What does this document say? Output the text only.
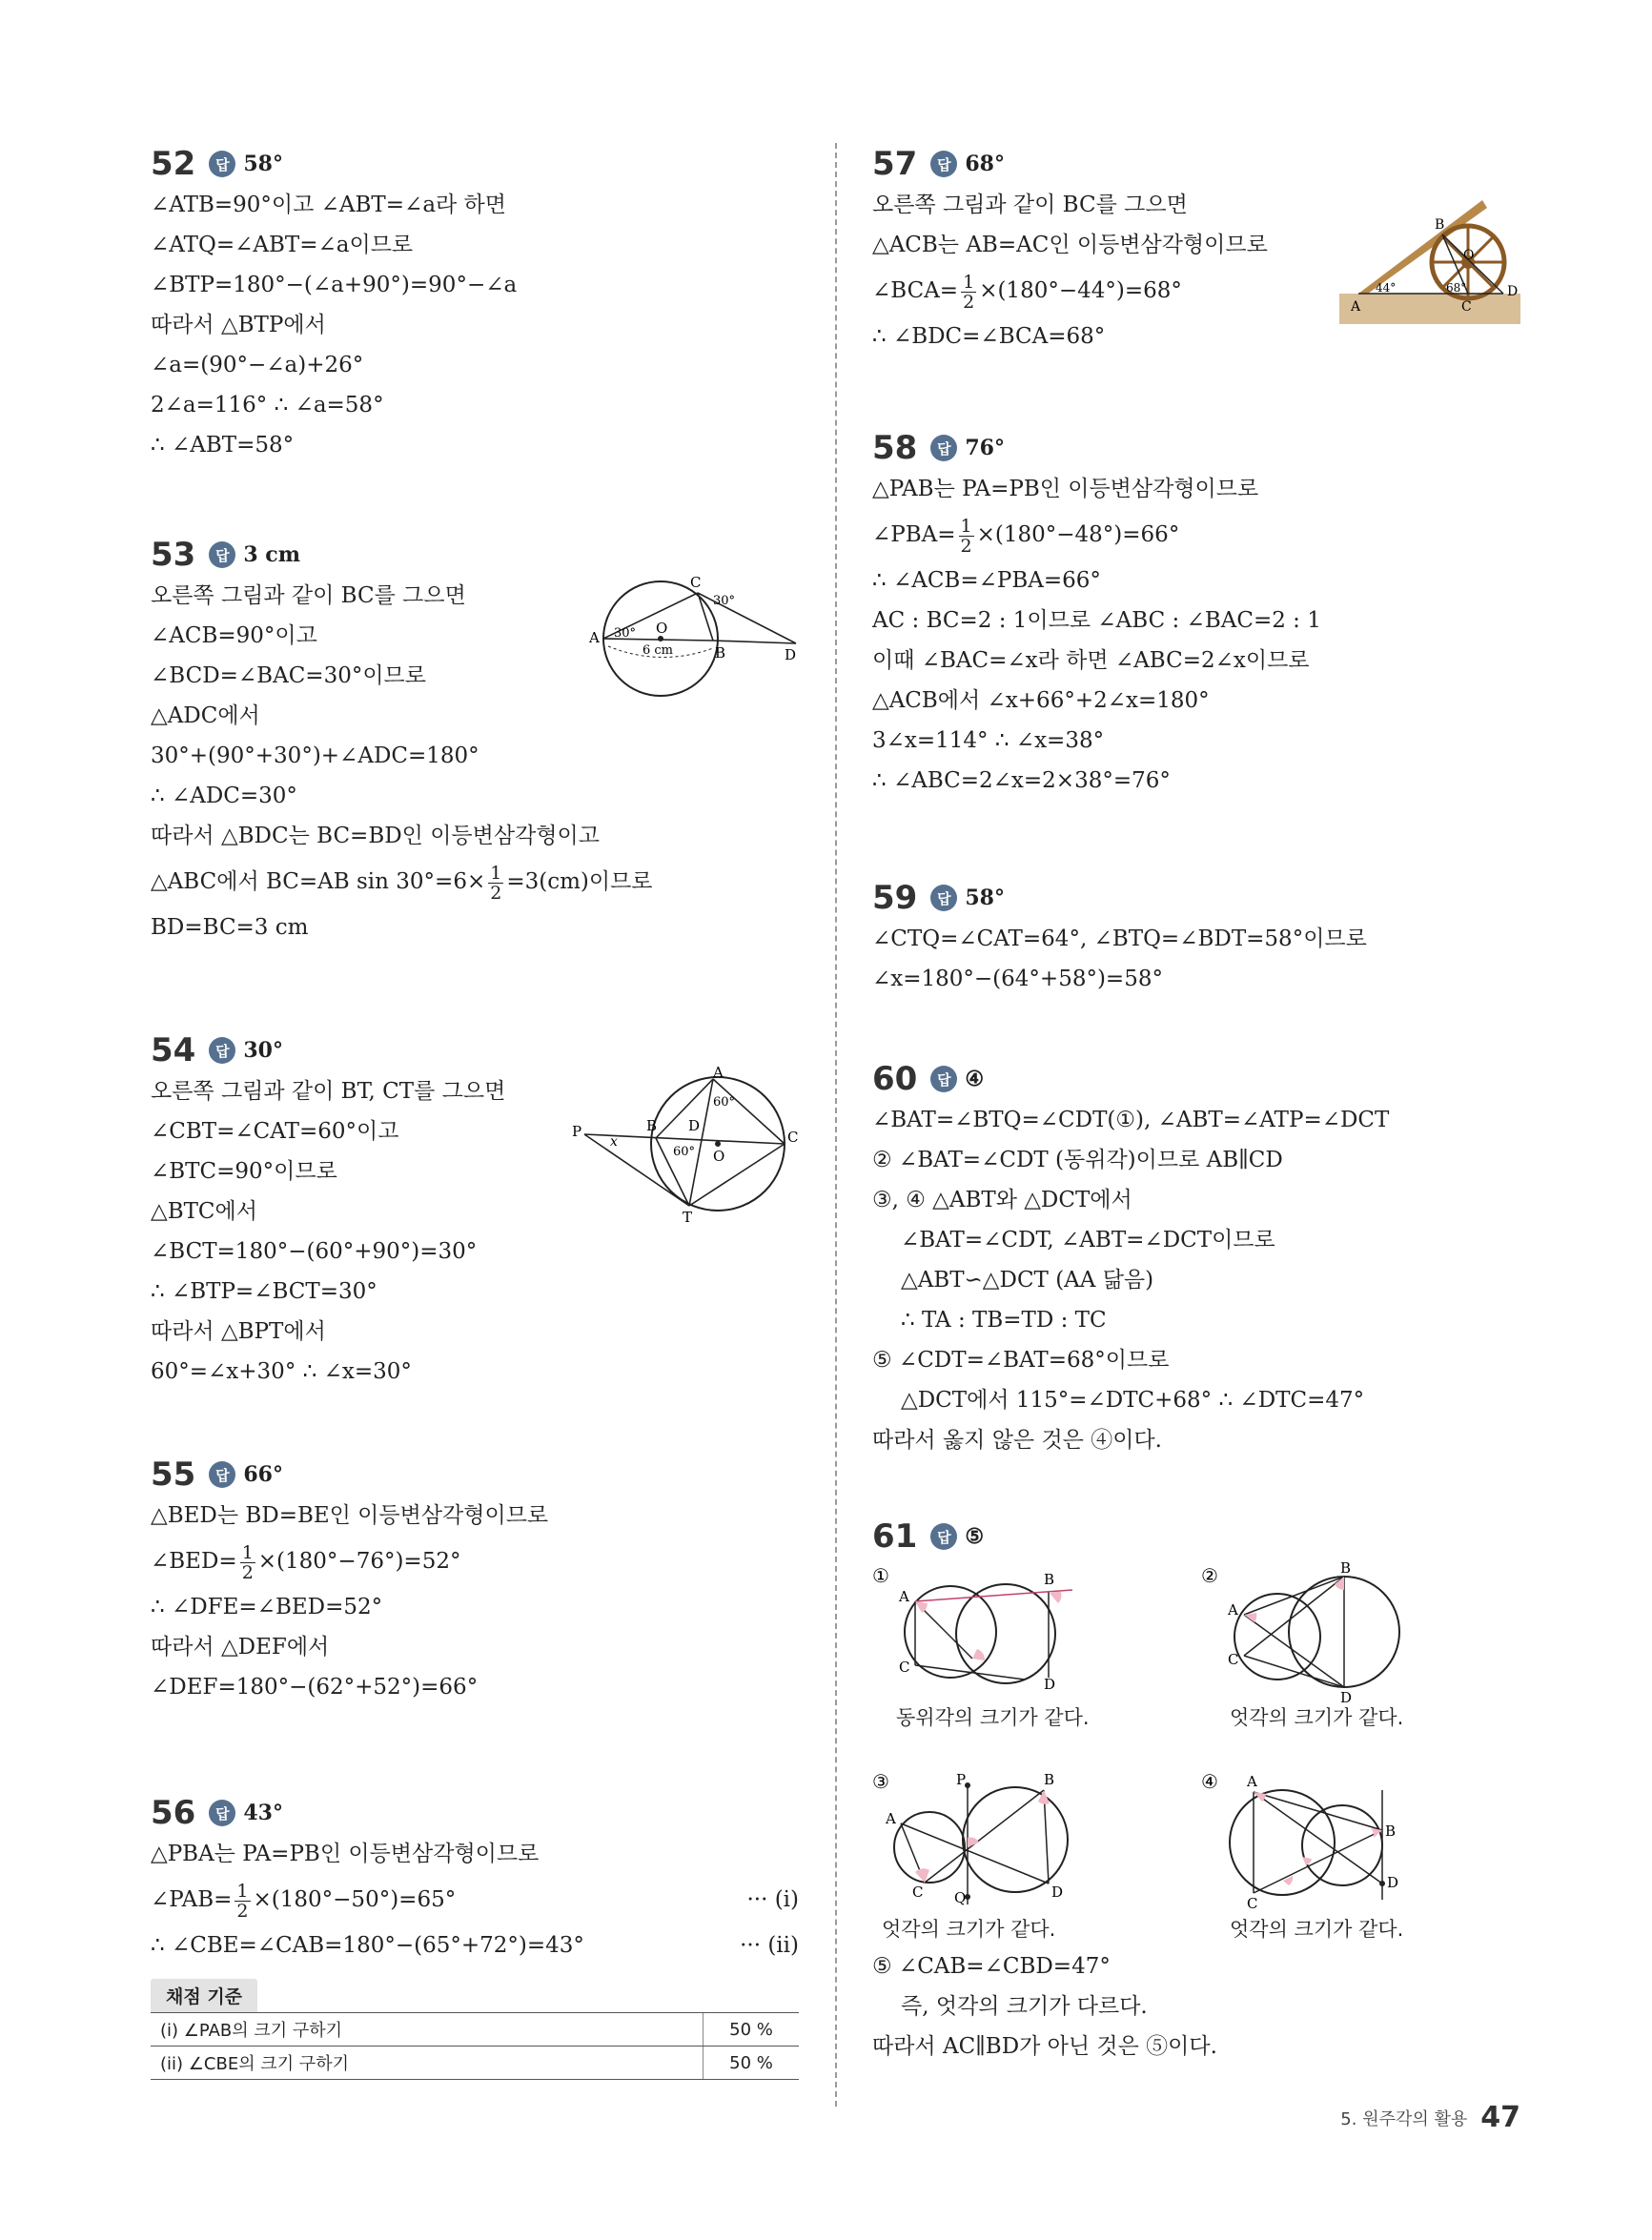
52	답 58°
∠ATB=90°이고 ∠ABT=∠a라 하면
∠ATQ=∠ABT=∠a이므로
∠BTP=180°−(∠a+90°)=90°−∠a
따라서 △BTP에서
∠a=(90°−∠a)+26°
2∠a=116° ∴ ∠a=58°
∴ ∠ABT=58°
53	답 3 cm
오른쪽 그림과 같이 BC를 그으면
∠ACB=90°이고
∠BCD=∠BAC=30°이므로
△ADC에서
30°+(90°+30°)+∠ADC=180°
∴ ∠ADC=30°
따라서 △BDC는 BC=BD인 이등변삼각형이고
△ABC에서 BC=AB $\sin 30^\circ=6\times \frac{1}{2} =3(cm)$이므로
BD=BC=3 cm
A
B
C
D
O
30°
30°
6 cm
54	답 30°
오른쪽 그림과 같이 BT, CT를 그으면
∠CBT=∠CAT=60°이고
∠BTC=90°이므로
△BTC에서
∠BCT=180°−(60°+90°)=30°
∴ ∠BTP=∠BCT=30°
따라서 △BPT에서
60°=∠x+30° ∴ ∠x=30°
A
B
C
D
O
P
T
x
60°
60°
55	답 66°
△BED는 BD=BE인 이등변삼각형이므로
∠BED= $\frac{1}{2} \times(180^\circ-76^\circ)=52^\circ$
∴ ∠DFE=∠BED=52°
따라서 △DEF에서
∠DEF=180°−(62°+52°)=66°
56	답 43°
△PBA는 PA=PB인 이등변삼각형이므로
∠PAB= $\frac{1}{2} \times(180^\circ-50^\circ)=65^\circ$	··· (i)
∴ ∠CBE=∠CAB=180°−(65°+72°)=43°	··· (ii)
채점 기준
(i) ∠PAB의 크기 구하기	50 %
(ii) ∠CBE의 크기 구하기	50 %
57	답 68°
오른쪽 그림과 같이 BC를 그으면
△ACB는 AB=AC인 이등변삼각형이므로
∠BCA= $\frac{1}{2} \times(180^\circ-44^\circ)=68^\circ$
∴ ∠BDC=∠BCA=68°
B
O
A	C
D
44°	68°
58	답 76°
△PAB는 PA=PB인 이등변삼각형이므로
∠PBA= $\frac{1}{2} \times(180^\circ-48^\circ)=66^\circ$
∴ ∠ACB=∠PBA=66°
AC : BC=2 : 1이므로 ∠ABC : ∠BAC=2 : 1
이때 ∠BAC=∠x라 하면 ∠ABC=2∠x이므로
△ACB에서 ∠x+66°+2∠x=180°
3∠x=114° ∴ ∠x=38°
∴ ∠ABC=2∠x=2×38°=76°
59	답 58°
∠CTQ=∠CAT=64°, ∠BTQ=∠BDT=58°이므로
∠x=180°−(64°+58°)=58°
60	답 ④
∠BAT=∠BTQ=∠CDT(①), ∠ABT=∠ATP=∠DCT
② ∠BAT=∠CDT (동위각)이므로 AB∥CD
③, ④ △ABT와 △DCT에서
∠BAT=∠CDT, ∠ABT=∠DCT이므로
△ABT∽△DCT (AA 닮음)
∴ TA : TB=TD : TC
⑤ ∠CDT=∠BAT=68°이므로
△DCT에서 115°=∠DTC+68° ∴ ∠DTC=47°
따라서 옳지 않은 것은 ④이다.
61	답 ⑤
①
A
B
C
D
동위각의 크기가 같다.
②
A
B
C
D
엇각의 크기가 같다.
③	P
Q
A
B
C	D
엇각의 크기가 같다.
④ A
B
C
D
엇각의 크기가 같다.
⑤ ∠CAB=∠CBD=47°
즉, 엇각의 크기가 다르다.
따라서 AC∥BD가 아닌 것은 ⑤이다.
5. 원주각의 활용 47
